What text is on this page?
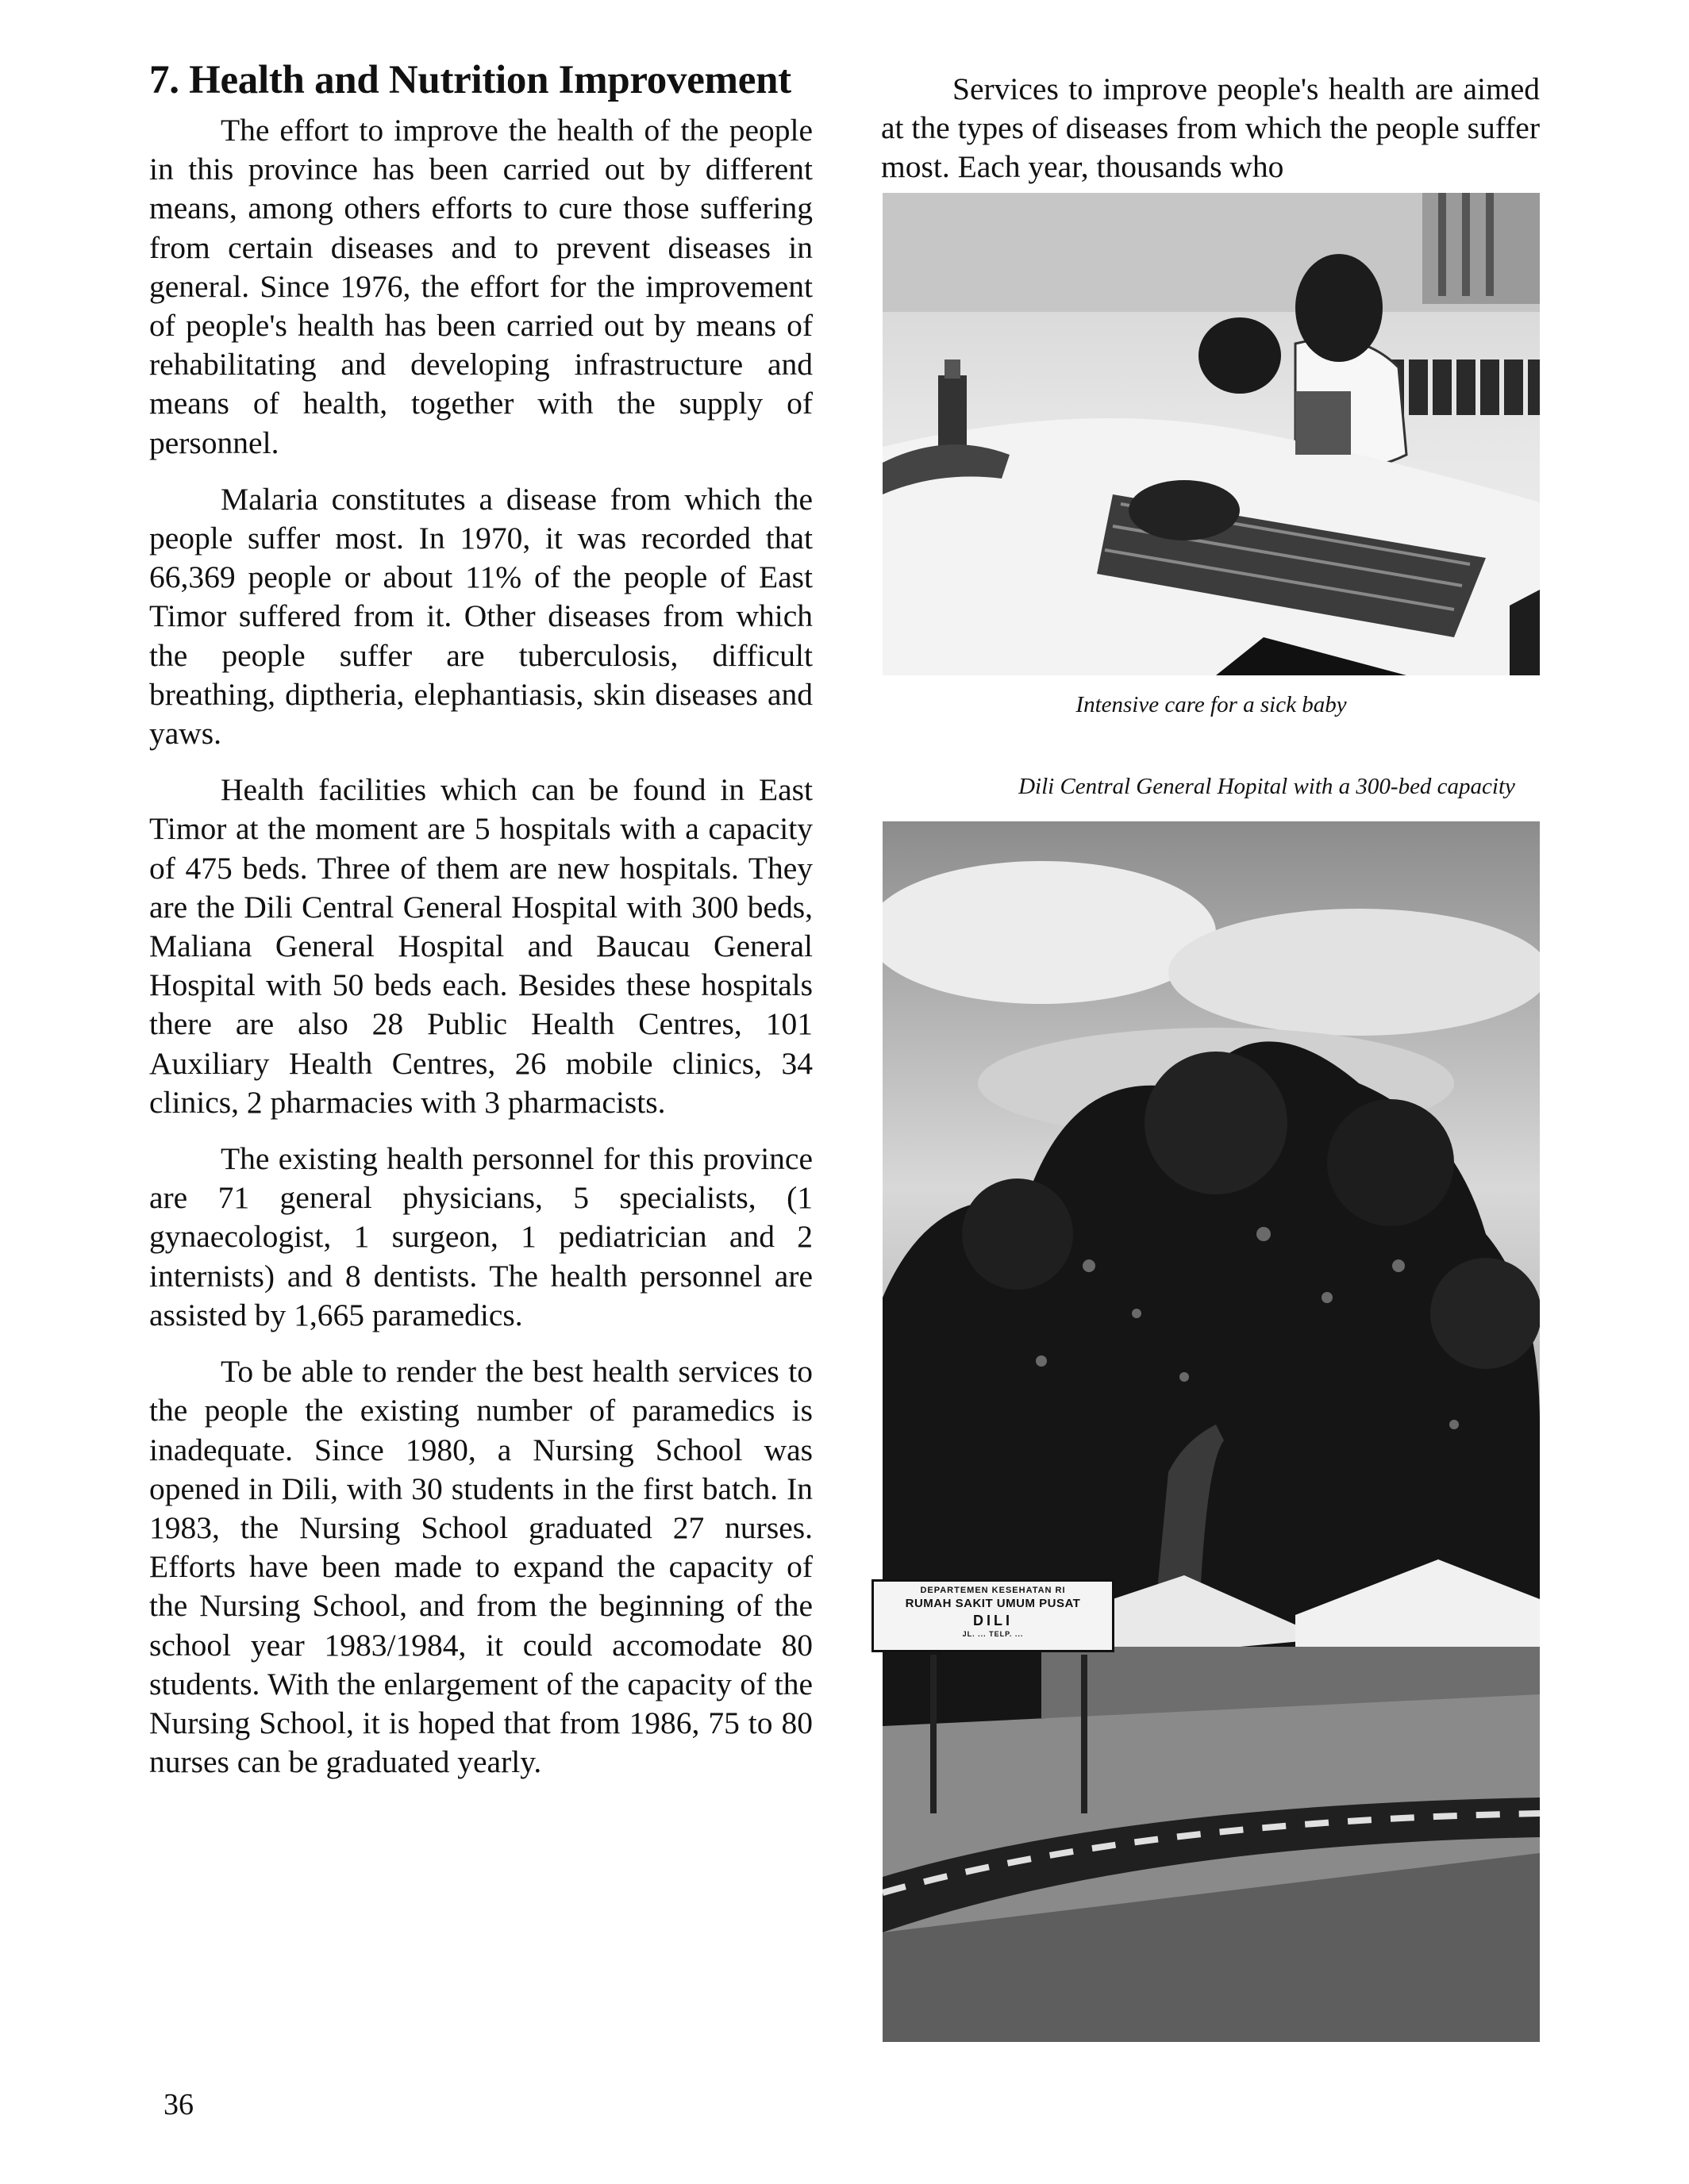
7. Health and Nutrition Improvement

The effort to improve the health of the people in this province has been carried out by different means, among others efforts to cure those suffering from certain diseases and to prevent diseases in general. Since 1976, the effort for the improvement of people's health has been carried out by means of rehabilitating and developing infrastructure and means of health, together with the supply of personnel.

Malaria constitutes a disease from which the people suffer most. In 1970, it was recorded that 66,369 people or about 11% of the people of East Timor suffered from it. Other diseases from which the people suffer are tuberculosis, difficult breathing, diptheria, elephantiasis, skin diseases and yaws.

Health facilities which can be found in East Timor at the moment are 5 hospitals with a capacity of 475 beds. Three of them are new hospitals. They are the Dili Central General Hospital with 300 beds, Maliana General Hospital and Baucau General Hospital with 50 beds each. Besides these hospitals there are also 28 Public Health Centres, 101 Auxiliary Health Centres, 26 mobile clinics, 34 clinics, 2 pharmacies with 3 pharmacists.

The existing health personnel for this province are 71 general physicians, 5 specialists, (1 gynaecologist, 1 surgeon, 1 pediatrician and 2 internists) and 8 dentists. The health personnel are assisted by 1,665 paramedics.

To be able to render the best health services to the people the existing number of paramedics is inadequate. Since 1980, a Nursing School was opened in Dili, with 30 students in the first batch. In 1983, the Nursing School graduated 27 nurses. Efforts have been made to expand the capacity of the Nursing School, and from the beginning of the school year 1983/1984, it could accomodate 80 students. With the enlargement of the capacity of the Nursing School, it is hoped that from 1986, 75 to 80 nurses can be graduated yearly.

Services to improve people's health are aimed at the types of diseases from which the people suffer most. Each year, thousands who

Intensive care for a sick baby
Dili Central General Hopital with a 300-bed capacity
DEPARTEMEN KESEHATAN RI
RUMAH SAKIT UMUM PUSAT
DILI
JL. ... TELP. ...
36
